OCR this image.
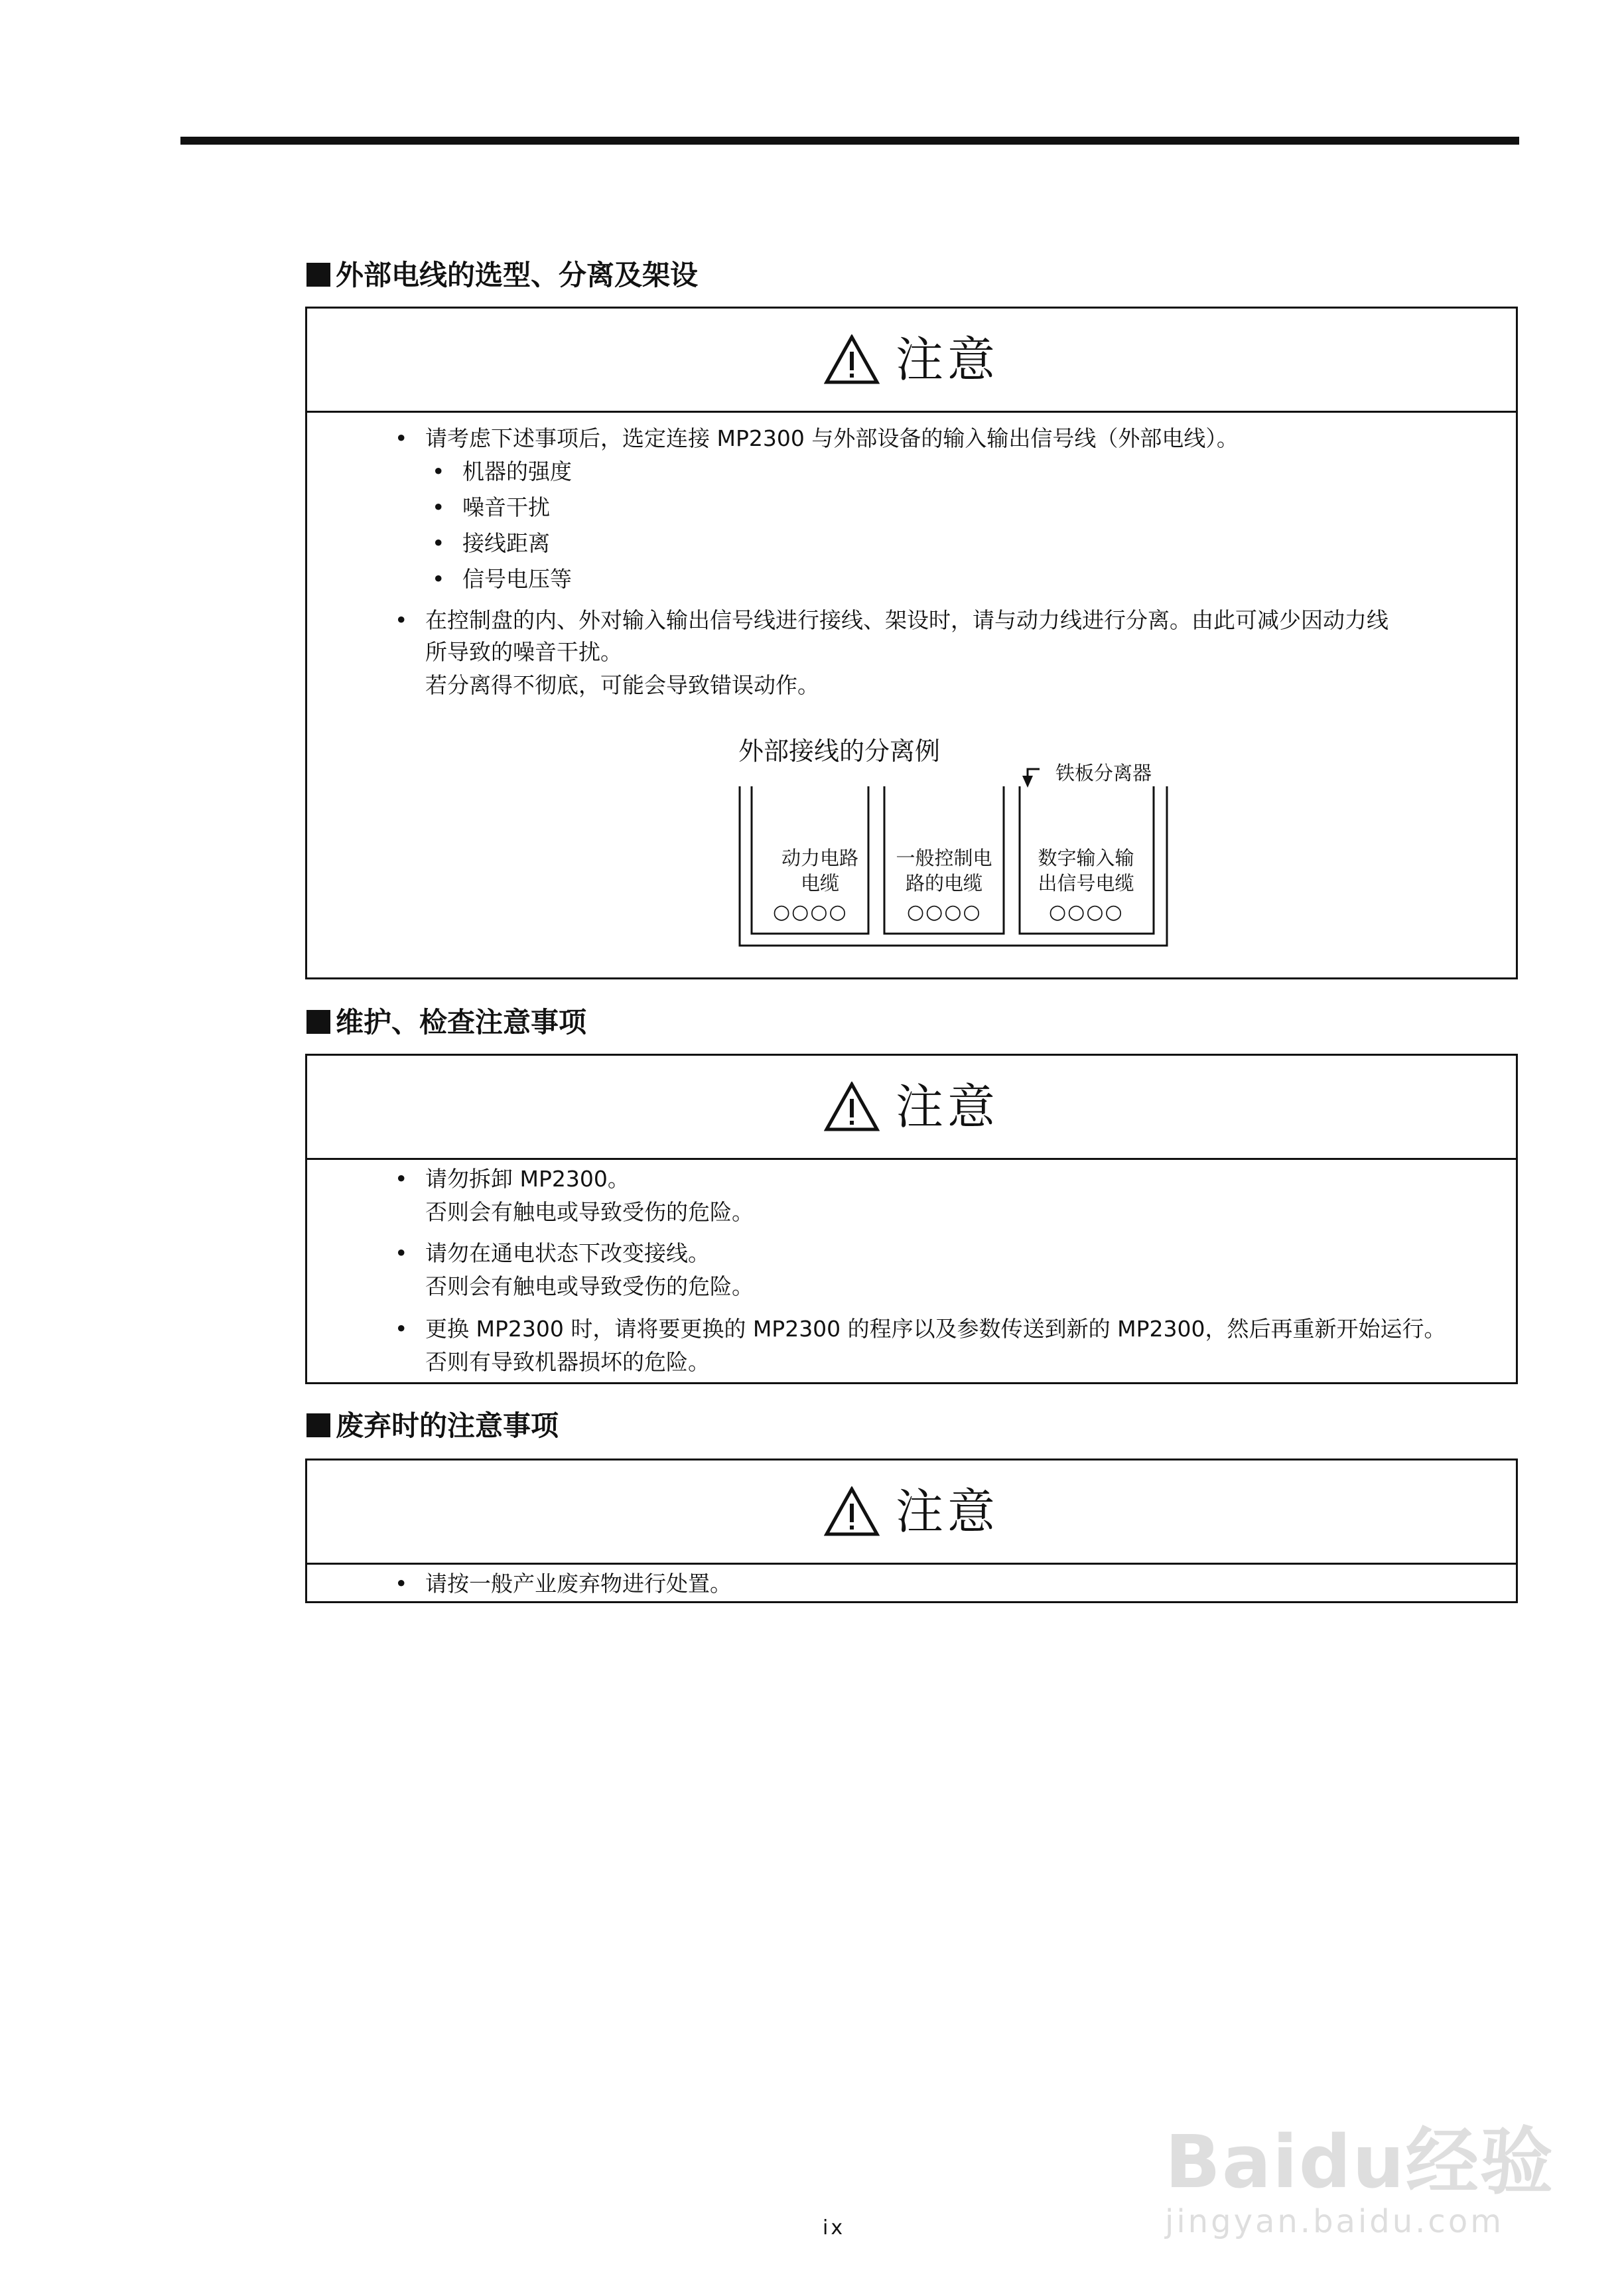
外部电线的选型、分离及架设
注意
• 请考虑下述事项后，选定连接 MP2300 与外部设备的输入输出信号线（外部电线）。
• 机器的强度
• 噪音干扰
• 接线距离
• 信号电压等
• 在控制盘的内、外对输入输出信号线进行接线、架设时，请与动力线进行分离。由此可减少因动力线
所导致的噪音干扰。
若分离得不彻底，可能会导致错误动作。
外部接线的分离例
铁板分离器
动力电路
电缆
○○○○
一般控制电
路的电缆
○○○○
数字输入输
出信号电缆
○○○○
维护、检查注意事项
注意
• 请勿拆卸 MP2300。
否则会有触电或导致受伤的危险。
• 请勿在通电状态下改变接线。
否则会有触电或导致受伤的危险。
• 更换 MP2300 时，请将要更换的 MP2300 的程序以及参数传送到新的 MP2300，然后再重新开始运行。
否则有导致机器损坏的危险。
废弃时的注意事项
注意
• 请按一般产业废弃物进行处置。
ix
Baidu经验
jingyan.baidu.com
